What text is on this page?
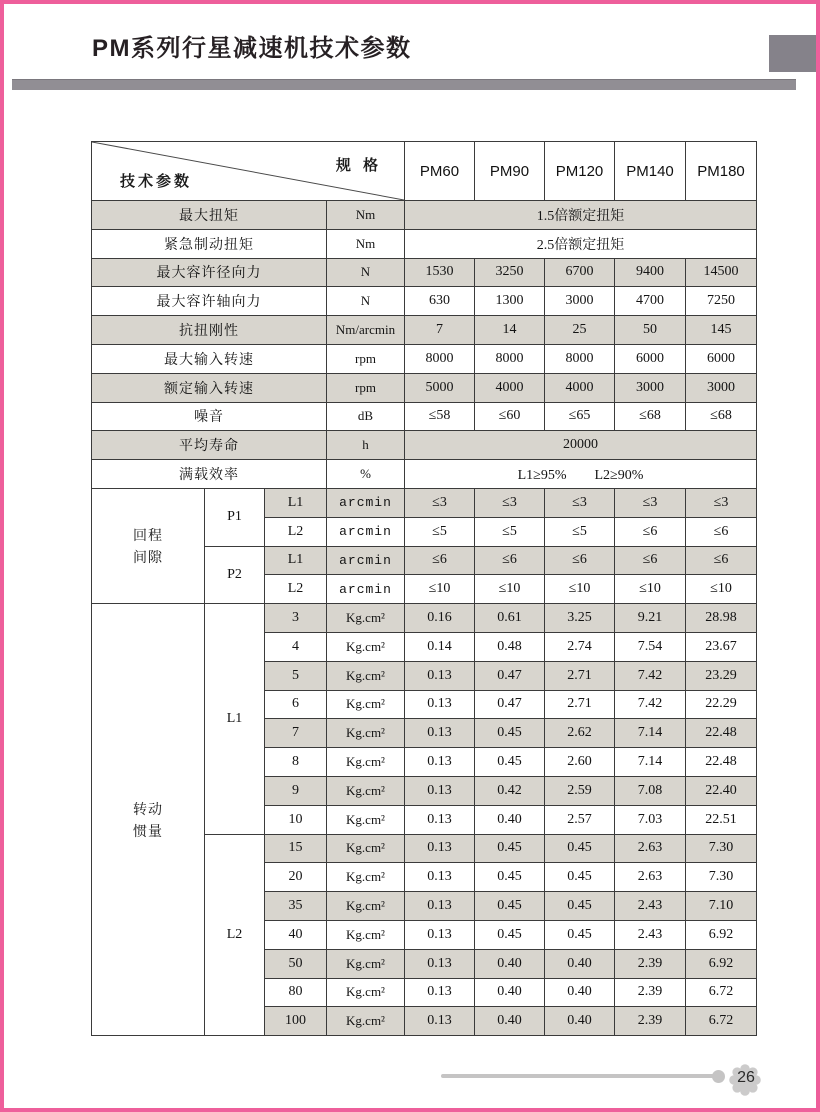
PM系列行星减速机技术参数
规 格
技术参数				PM60	PM90	PM120	PM140	PM180
最大扭矩			Nm	1.5倍额定扭矩				
紧急制动扭矩			Nm	2.5倍额定扭矩				
最大容许径向力			N	1530	3250	6700	9400	14500
最大容许轴向力			N	630	1300	3000	4700	7250
抗扭刚性			Nm/arcmin	7	14	25	50	145
最大输入转速			rpm	8000	8000	8000	6000	6000
额定输入转速			rpm	5000	4000	4000	3000	3000
噪音			dB	≤58	≤60	≤65	≤68	≤68
平均寿命			h	20000				
满载效率			%	L1≥95%　　L2≥90%				
回程
间隙	P1	L1	arcmin	≤3	≤3	≤3	≤3	≤3
		L2	arcmin	≤5	≤5	≤5	≤6	≤6
	P2	L1	arcmin	≤6	≤6	≤6	≤6	≤6
		L2	arcmin	≤10	≤10	≤10	≤10	≤10
转动
惯量	L1	3	Kg.cm²	0.16	0.61	3.25	9.21	28.98
		4	Kg.cm²	0.14	0.48	2.74	7.54	23.67
		5	Kg.cm²	0.13	0.47	2.71	7.42	23.29
		6	Kg.cm²	0.13	0.47	2.71	7.42	22.29
		7	Kg.cm²	0.13	0.45	2.62	7.14	22.48
		8	Kg.cm²	0.13	0.45	2.60	7.14	22.48
		9	Kg.cm²	0.13	0.42	2.59	7.08	22.40
		10	Kg.cm²	0.13	0.40	2.57	7.03	22.51
	L2	15	Kg.cm²	0.13	0.45	0.45	2.63	7.30
		20	Kg.cm²	0.13	0.45	0.45	2.63	7.30
		35	Kg.cm²	0.13	0.45	0.45	2.43	7.10
		40	Kg.cm²	0.13	0.45	0.45	2.43	6.92
		50	Kg.cm²	0.13	0.40	0.40	2.39	6.92
		80	Kg.cm²	0.13	0.40	0.40	2.39	6.72
		100	Kg.cm²	0.13	0.40	0.40	2.39	6.72
26
